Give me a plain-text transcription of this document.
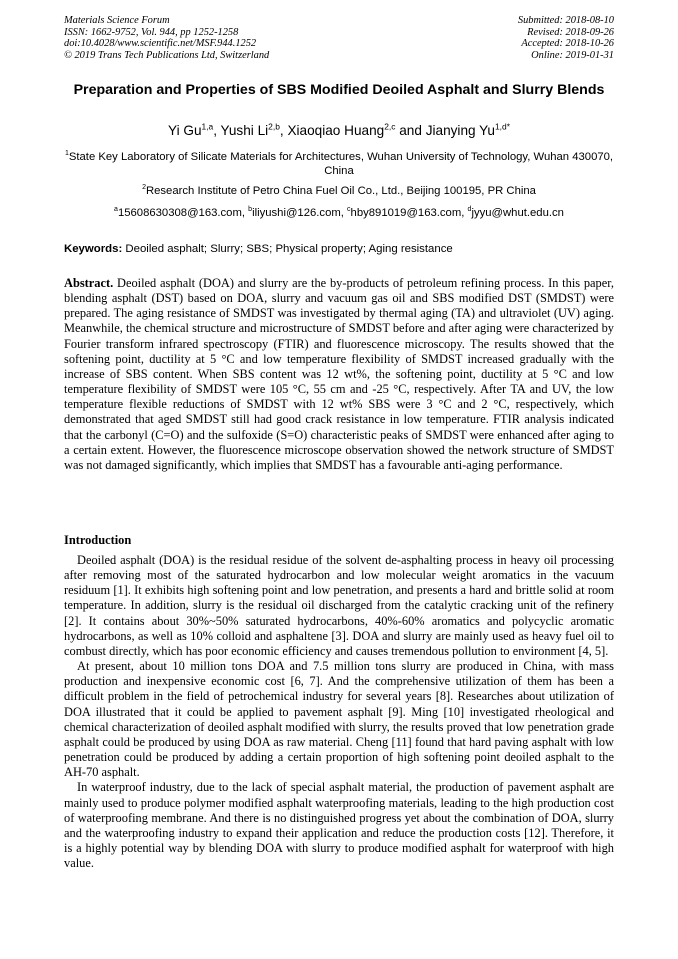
Materials Science Forum
ISSN: 1662-9752, Vol. 944, pp 1252-1258
doi:10.4028/www.scientific.net/MSF.944.1252
© 2019 Trans Tech Publications Ltd, Switzerland
Submitted: 2018-08-10
Revised: 2018-09-26
Accepted: 2018-10-26
Online: 2019-01-31
Preparation and Properties of SBS Modified Deoiled Asphalt and Slurry Blends
Yi Gu$^{1,a}$, Yushi Li$^{2,b}$, Xiaoqiao Huang$^{2,c}$ and Jianying $Yu^{1,d*}$
$^1$State Key Laboratory of Silicate Materials for Architectures, Wuhan University of Technology, Wuhan 430070, China
$^2$Research Institute of Petro China Fuel Oil Co., Ltd., Beijing 100195, PR China
$^a$15608630308@163.com, $^b$iliyushi@126.com, $^c$hby891019@163.com, $^d$jyyu@whut.edu.cn
Keywords: Deoiled asphalt; Slurry; SBS; Physical property; Aging resistance
Abstract. Deoiled asphalt (DOA) and slurry are the by-products of petroleum refining process. In this paper, blending asphalt (DST) based on DOA, slurry and vacuum gas oil and SBS modified DST (SMDST) were prepared. The aging resistance of SMDST was investigated by thermal aging (TA) and ultraviolet (UV) aging. Meanwhile, the chemical structure and microstructure of SMDST before and after aging were characterized by Fourier transform infrared spectroscopy (FTIR) and fluorescence microscopy. The results showed that the softening point, ductility at 5 °C and low temperature flexibility of SMDST increased gradually with the increase of SBS content. When SBS content was 12 wt%, the softening point, ductility at 5 °C and low temperature flexibility of SMDST were 105 °C, 55 cm and -25 °C, respectively. After TA and UV, the low temperature flexible reductions of SMDST with 12 wt% SBS were 3 °C and 2 °C, respectively, which demonstrated that aged SMDST still had good crack resistance in low temperature. FTIR analysis indicated that the carbonyl (C=O) and the sulfoxide (S=O) characteristic peaks of SMDST were enhanced after aging to a certain extent. However, the fluorescence microscope observation showed the network structure of SMDST was not damaged significantly, which implies that SMDST has a favourable anti-aging performance.
Introduction

Deoiled asphalt (DOA) is the residual residue of the solvent de-asphalting process in heavy oil processing after removing most of the saturated hydrocarbon and low molecular weight aromatics in the vacuum residuum [1]. It exhibits high softening point and low penetration, and presents a hard and brittle solid at room temperature. In addition, slurry is the residual oil discharged from the catalytic cracking unit of the refinery [2]. It contains about 30%~50% saturated hydrocarbons, 40%-60% aromatics and polycyclic aromatic hydrocarbons, as well as 10% colloid and asphaltene [3]. DOA and slurry are mainly used as heavy fuel oil to combust directly, which has poor economic efficiency and causes tremendous pollution to environment [4, 5].

At present, about 10 million tons DOA and 7.5 million tons slurry are produced in China, with mass production and inexpensive economic cost [6, 7]. And the comprehensive utilization of them has been a difficult problem in the field of petrochemical industry for several years [8]. Researches about utilization of DOA illustrated that it could be applied to pavement asphalt [9]. Ming [10] investigated rheological and chemical characterization of deoiled asphalt modified with slurry, the results proved that low penetration grade asphalt could be produced by using DOA as raw material. Cheng [11] found that hard paving asphalt with low penetration could be produced by adding a certain proportion of high softening point deoiled asphalt to the AH-70 asphalt.

In waterproof industry, due to the lack of special asphalt material, the production of pavement asphalt are mainly used to produce polymer modified asphalt waterproofing materials, leading to the high production cost of waterproofing membrane. And there is no distinguished progress yet about the combination of DOA, slurry and the waterproofing industry to expand their application and reduce the production costs [12]. Therefore, it is a highly potential way by blending DOA with slurry to produce modified asphalt for waterproof with high value.
